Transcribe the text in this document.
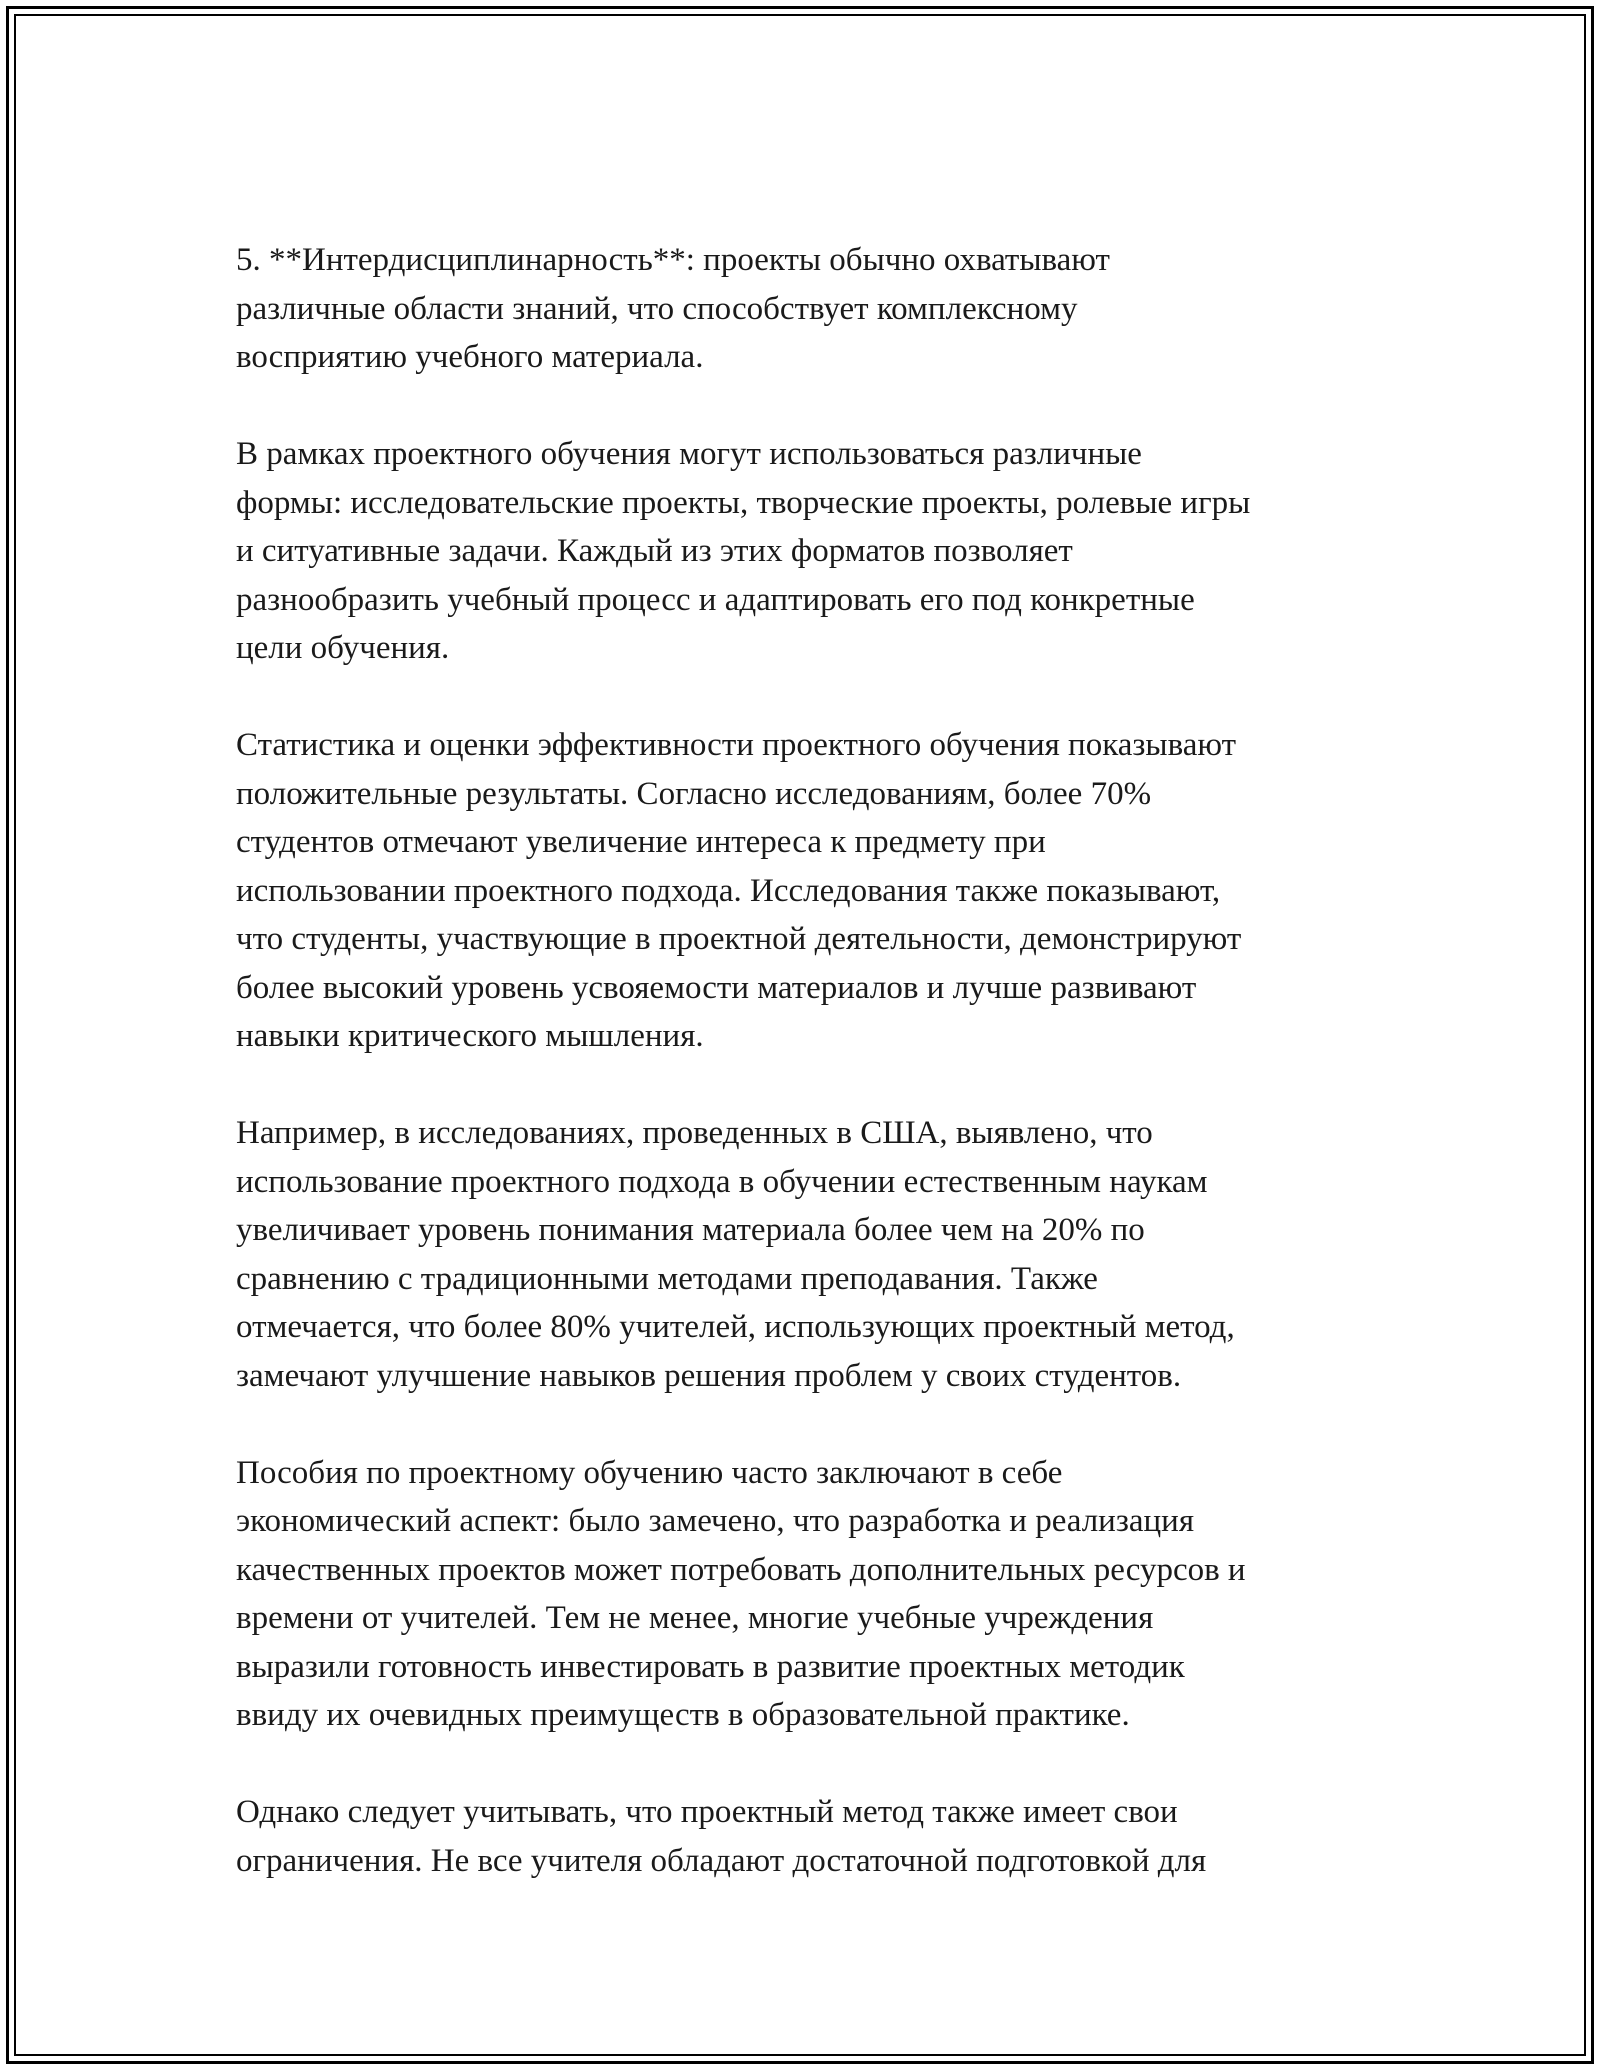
5. **Интердисциплинарность**: проекты обычно охватывают
различные области знаний, что способствует комплексному
восприятию учебного материала.

В рамках проектного обучения могут использоваться различные
формы: исследовательские проекты, творческие проекты, ролевые игры
и ситуативные задачи. Каждый из этих форматов позволяет
разнообразить учебный процесс и адаптировать его под конкретные
цели обучения.

Статистика и оценки эффективности проектного обучения показывают
положительные результаты. Согласно исследованиям, более 70%
студентов отмечают увеличение интереса к предмету при
использовании проектного подхода. Исследования также показывают,
что студенты, участвующие в проектной деятельности, демонстрируют
более высокий уровень усвояемости материалов и лучше развивают
навыки критического мышления.

Например, в исследованиях, проведенных в США, выявлено, что
использование проектного подхода в обучении естественным наукам
увеличивает уровень понимания материала более чем на 20% по
сравнению с традиционными методами преподавания. Также
отмечается, что более 80% учителей, использующих проектный метод,
замечают улучшение навыков решения проблем у своих студентов.

Пособия по проектному обучению часто заключают в себе
экономический аспект: было замечено, что разработка и реализация
качественных проектов может потребовать дополнительных ресурсов и
времени от учителей. Тем не менее, многие учебные учреждения
выразили готовность инвестировать в развитие проектных методик
ввиду их очевидных преимуществ в образовательной практике.

Однако следует учитывать, что проектный метод также имеет свои
ограничения. Не все учителя обладают достаточной подготовкой для
